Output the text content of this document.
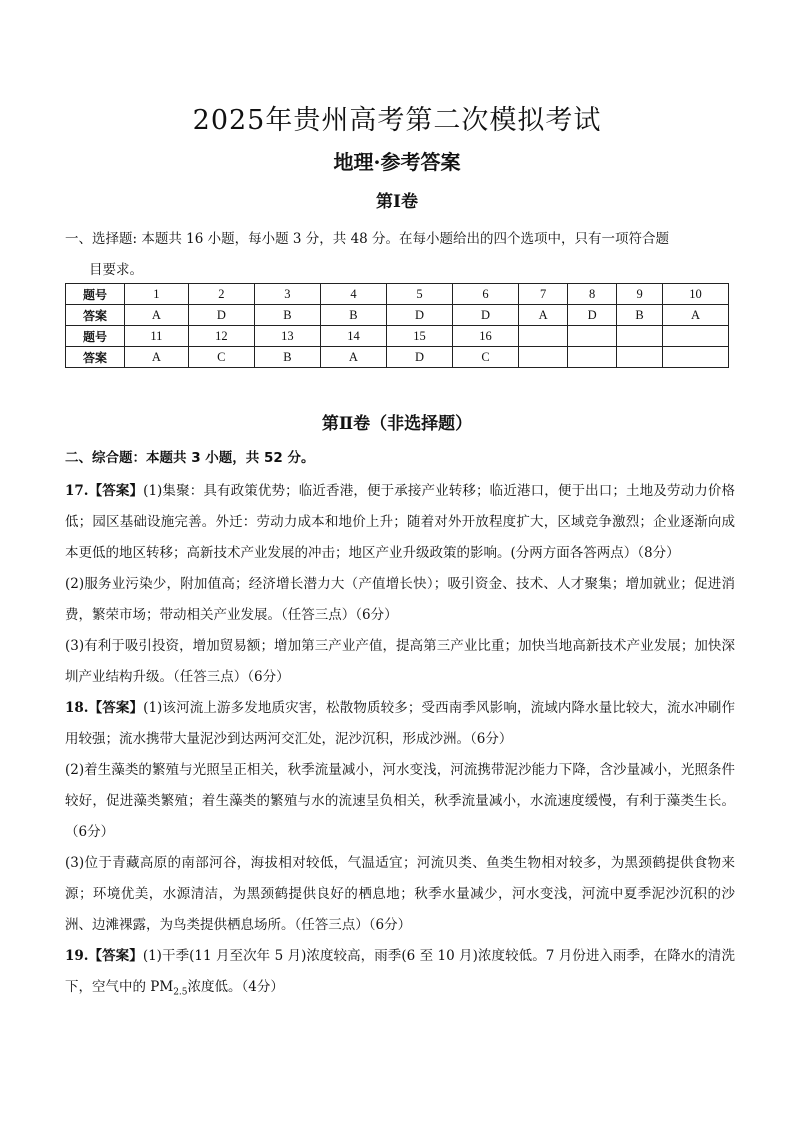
2025年贵州高考第二次模拟考试
地理·参考答案
第Ⅰ卷
一、选择题: 本题共 16 小题，每小题 3 分，共 48 分。在每小题给出的四个选项中，只有一项符合题
目要求。
题号	1	2	3	4	5	6	7	8	9	10
答案	A	D	B	B	D	D	A	D	B	A
题号	11	12	13	14	15	16				
答案	A	C	B	A	D	C				
第Ⅱ卷（非选择题）
二、综合题：本题共 3 小题，共 52 分。

17.【答案】(1)集聚：具有政策优势；临近香港，便于承接产业转移；临近港口，便于出口；土地及劳动力价格低；园区基础设施完善。外迁：劳动力成本和地价上升；随着对外开放程度扩大，区域竞争激烈；企业逐渐向成本更低的地区转移；高新技术产业发展的冲击；地区产业升级政策的影响。(分两方面各答两点）（8分）

(2)服务业污染少，附加值高；经济增长潜力大（产值增长快）；吸引资金、技术、人才聚集；增加就业；促进消费，繁荣市场；带动相关产业发展。（任答三点）（6分）

(3)有利于吸引投资，增加贸易额；增加第三产业产值，提高第三产业比重；加快当地高新技术产业发展；加快深圳产业结构升级。（任答三点）（6分）

18.【答案】(1)该河流上游多发地质灾害，松散物质较多；受西南季风影响，流域内降水量比较大，流水冲刷作用较强；流水携带大量泥沙到达两河交汇处，泥沙沉积，形成沙洲。（6分）

(2)着生藻类的繁殖与光照呈正相关，秋季流量减小，河水变浅，河流携带泥沙能力下降，含沙量减小，光照条件较好，促进藻类繁殖；着生藻类的繁殖与水的流速呈负相关，秋季流量减小，水流速度缓慢，有利于藻类生长。（6分）

(3)位于青藏高原的南部河谷，海拔相对较低，气温适宜；河流贝类、鱼类生物相对较多，为黑颈鹤提供食物来源；环境优美，水源清洁，为黑颈鹤提供良好的栖息地；秋季水量减少，河水变浅，河流中夏季泥沙沉积的沙洲、边滩裸露，为鸟类提供栖息场所。（任答三点）（6分）

19.【答案】(1)干季(11 月至次年 5 月)浓度较高，雨季(6 至 10 月)浓度较低。7 月份进入雨季，在降水的清洗下，空气中的 $PM_{2.5}$浓度低。（4分）
